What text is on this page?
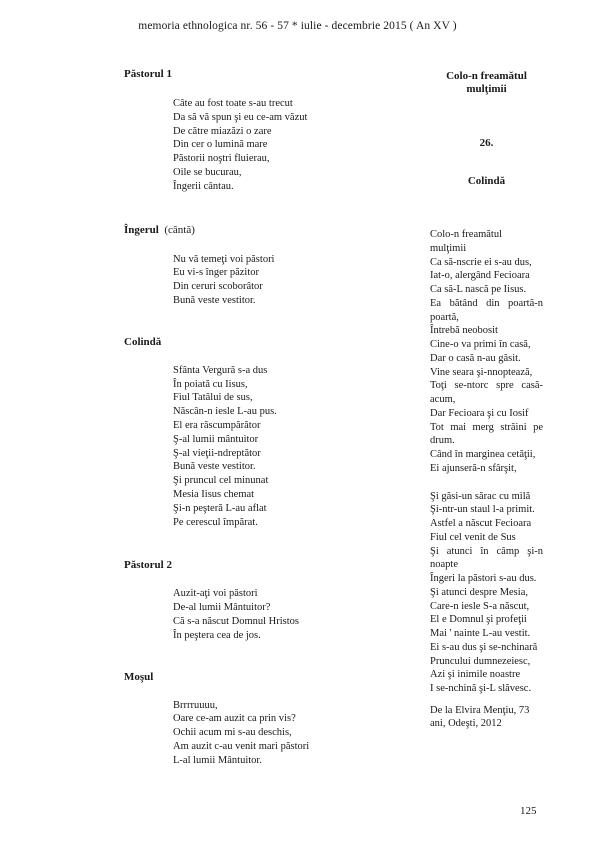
memoria ethnologica nr. 56 - 57 * iulie - decembrie 2015 ( An XV )
Păstorul 1
Câte au fost toate s-au trecut
Da să vă spun şi eu ce-am văzut
De către miazăzi o zare
Din cer o lumină mare
Păstorii noştri fluierau,
Oile se bucurau,
Îngerii cântau.
Îngerul (cântă)
Nu vă temeţi voi păstori
Eu vi-s înger păzitor
Din ceruri scoborâtor
Bună veste vestitor.
Colindă
Sfânta Vergură s-a dus
În poiată cu Iisus,
Fiul Tatălui de sus,
Născân-n iesle L-au pus.
El era răscumpărător
Ş-al lumii mântuitor
Ş-al vieţii-ndreptător
Bună veste vestitor.
Şi pruncul cel minunat
Mesia Iisus chemat
Şi-n peşteră L-au aflat
Pe cerescul împărat.
Păstorul 2
Auzit-aţi voi păstori
De-al lumii Mântuitor?
Că s-a născut Domnul Hristos
În peştera cea de jos.
Moşul
Brrrruuuu,
Oare ce-am auzit ca prin vis?
Ochii acum mi s-au deschis,
Am auzit c-au venit mari păstori
L-al lumii Mântuitor.
Colo-n freamătul
mulţimii
26.
Colindă
Colo-n freamătul
mulţimii
Ca să-nscrie ei s-au dus,
Iat-o, alergând Fecioara
Ca să-L nască pe Iisus.
Ea bătând din poartă-n
poartă,
Întrebă neobosit
Cine-o va primi în casă,
Dar o casă n-au găsit.
Vine seara şi-nnoptează,
Toţi se-ntorc spre casă-
acum,
Dar Fecioara şi cu Iosif
Tot mai merg străini pe
drum.
Când în marginea cetăţii,
Ei ajunseră-n sfârşit,
Şi găsi-un sărac cu milă
Şi-ntr-un staul l-a primit.
Astfel a născut Fecioara
Fiul cel venit de Sus
Şi atunci în câmp şi-n
noapte
Îngeri la păstori s-au dus.
Şi atunci despre Mesia,
Care-n iesle S-a născut,
El e Domnul şi profeţii
Mai ' nainte L-au vestit.
Ei s-au dus şi se-nchinară
Pruncului dumnezeiesc,
Azi şi inimile noastre
I se-nchină şi-L slăvesc.
De la Elvira Menţiu, 73
ani, Odeşti, 2012
125
